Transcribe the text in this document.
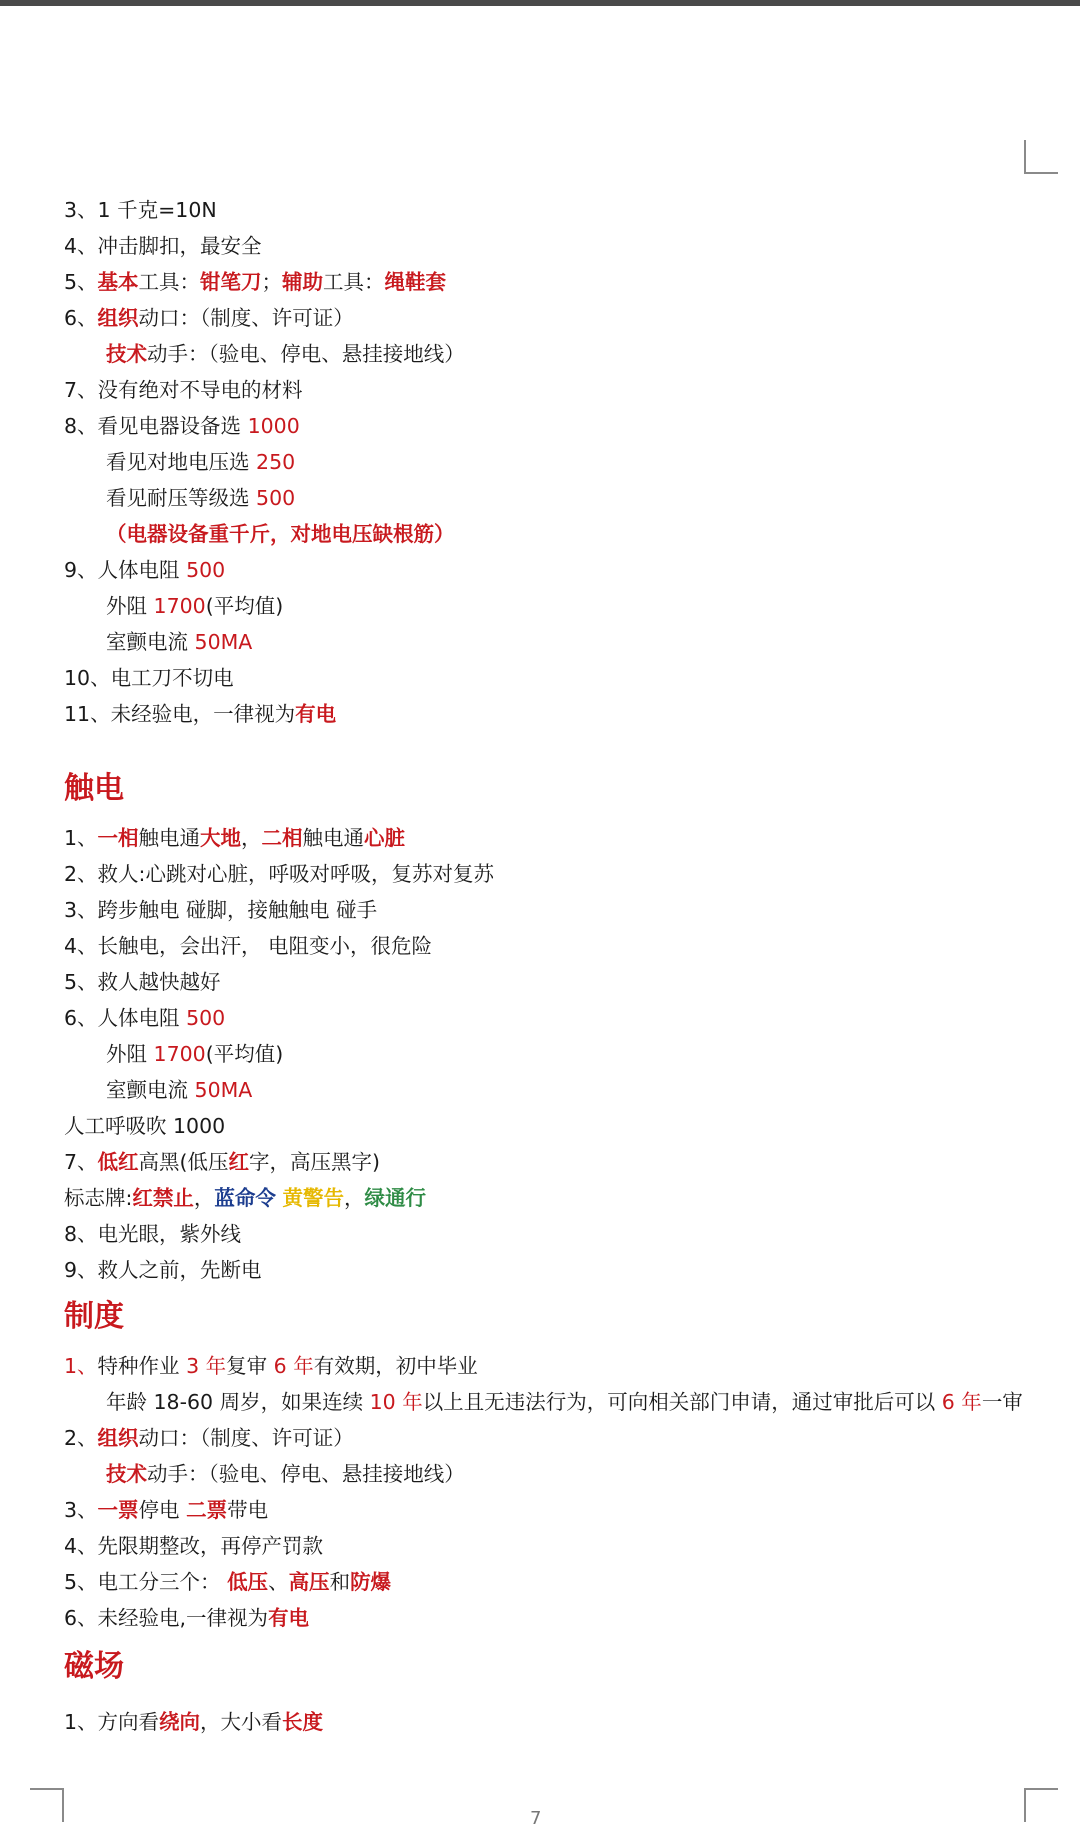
7
3、1 千克=10N
4、冲击脚扣，最安全
5、基本工具：钳笔刀；辅助工具：绳鞋套
6、组织动口：（制度、许可证）
技术动手：（验电、停电、悬挂接地线）
7、没有绝对不导电的材料
8、看见电器设备选 1000
看见对地电压选 250
看见耐压等级选 500
（电器设备重千斤，对地电压缺根筋）
9、人体电阻 500
外阻 1700(平均值)
室颤电流 50MA
10、电工刀不切电
11、未经验电，一律视为有电
触电
1、一相触电通大地，二相触电通心脏
2、救人:心跳对心脏，呼吸对呼吸，复苏对复苏
3、跨步触电 碰脚，接触触电 碰手
4、长触电，会出汗， 电阻变小，很危险
5、救人越快越好
6、人体电阻 500
外阻 1700(平均值)
室颤电流 50MA
人工呼吸吹 1000
7、低红高黑(低压红字，高压黑字)
标志牌:红禁止，蓝命令 黄警告，绿通行
8、电光眼，紫外线
9、救人之前，先断电
制度
1、特种作业 3 年复审 6 年有效期，初中毕业
年龄 18-60 周岁，如果连续 10 年以上且无违法行为，可向相关部门申请，通过审批后可以 6 年一审
2、组织动口：（制度、许可证）
技术动手：（验电、停电、悬挂接地线）
3、一票停电 二票带电
4、先限期整改，再停产罚款
5、电工分三个： 低压、高压和防爆
6、未经验电,一律视为有电
磁场
1、方向看绕向，大小看长度
